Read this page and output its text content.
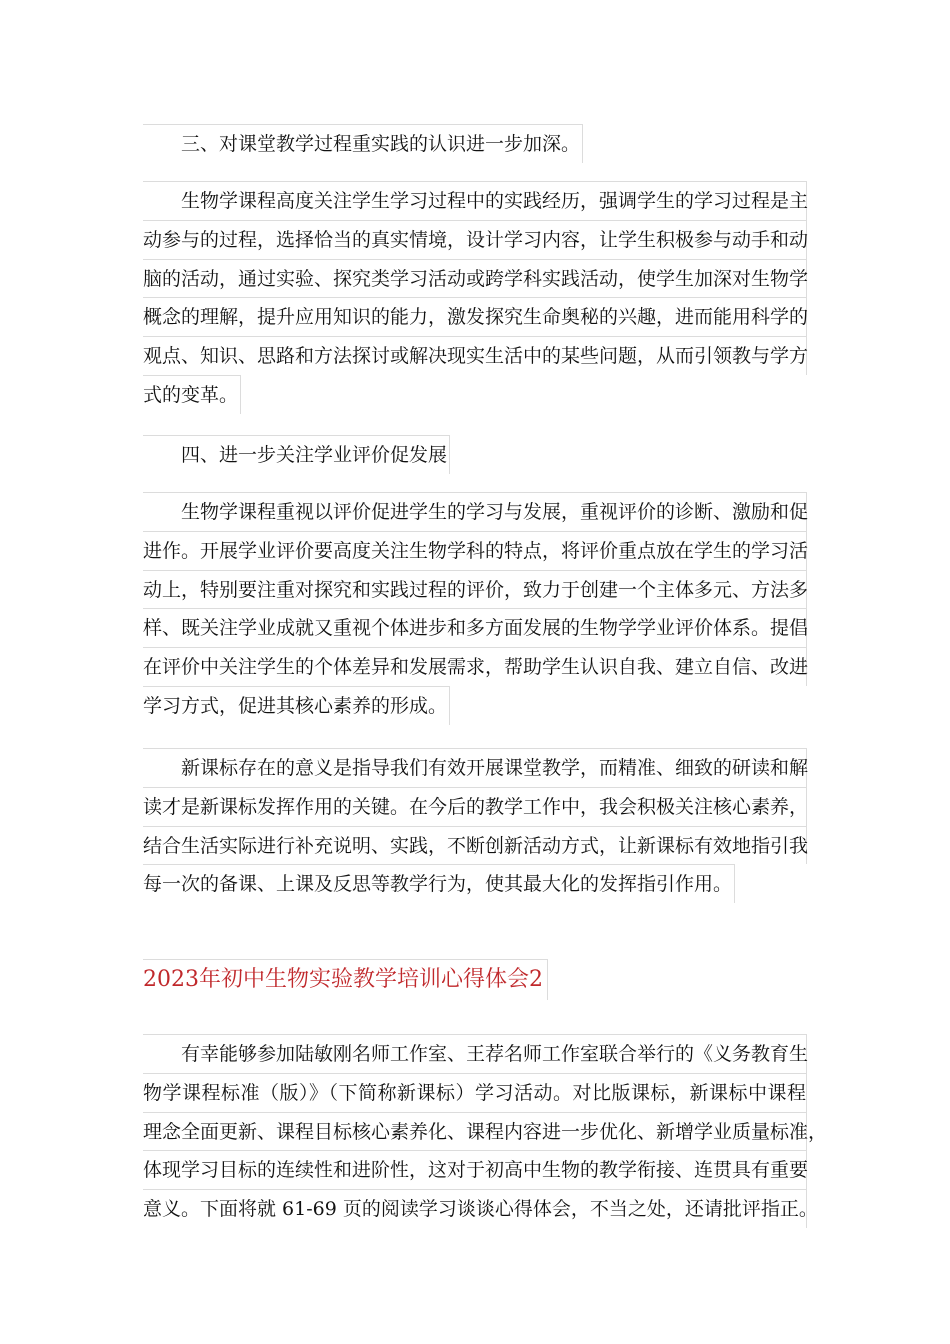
三、对课堂教学过程重实践的认识进一步加深。
生物学课程高度关注学生学习过程中的实践经历，强调学生的学习过程是主
动参与的过程，选择恰当的真实情境，设计学习内容，让学生积极参与动手和动
脑的活动，通过实验、探究类学习活动或跨学科实践活动，使学生加深对生物学
概念的理解，提升应用知识的能力，激发探究生命奥秘的兴趣，进而能用科学的
观点、知识、思路和方法探讨或解决现实生活中的某些问题，从而引领教与学方
式的变革。
四、进一步关注学业评价促发展
生物学课程重视以评价促进学生的学习与发展，重视评价的诊断、激励和促
进作。开展学业评价要高度关注生物学科的特点，将评价重点放在学生的学习活
动上，特别要注重对探究和实践过程的评价，致力于创建一个主体多元、方法多
样、既关注学业成就又重视个体进步和多方面发展的生物学学业评价体系。提倡
在评价中关注学生的个体差异和发展需求，帮助学生认识自我、建立自信、改进
学习方式，促进其核心素养的形成。
新课标存在的意义是指导我们有效开展课堂教学，而精准、细致的研读和解
读才是新课标发挥作用的关键。在今后的教学工作中，我会积极关注核心素养，
结合生活实际进行补充说明、实践，不断创新活动方式，让新课标有效地指引我
每一次的备课、上课及反思等教学行为，使其最大化的发挥指引作用。
2023年初中生物实验教学培训心得体会2
有幸能够参加陆敏刚名师工作室、王荐名师工作室联合举行的《义务教育生
物学课程标准（版）》（下简称新课标）学习活动。对比版课标，新课标中课程
理念全面更新、课程目标核心素养化、课程内容进一步优化、新增学业质量标准，
体现学习目标的连续性和进阶性，这对于初高中生物的教学衔接、连贯具有重要
意义。下面将就 61-69 页的阅读学习谈谈心得体会，不当之处，还请批评指正。
